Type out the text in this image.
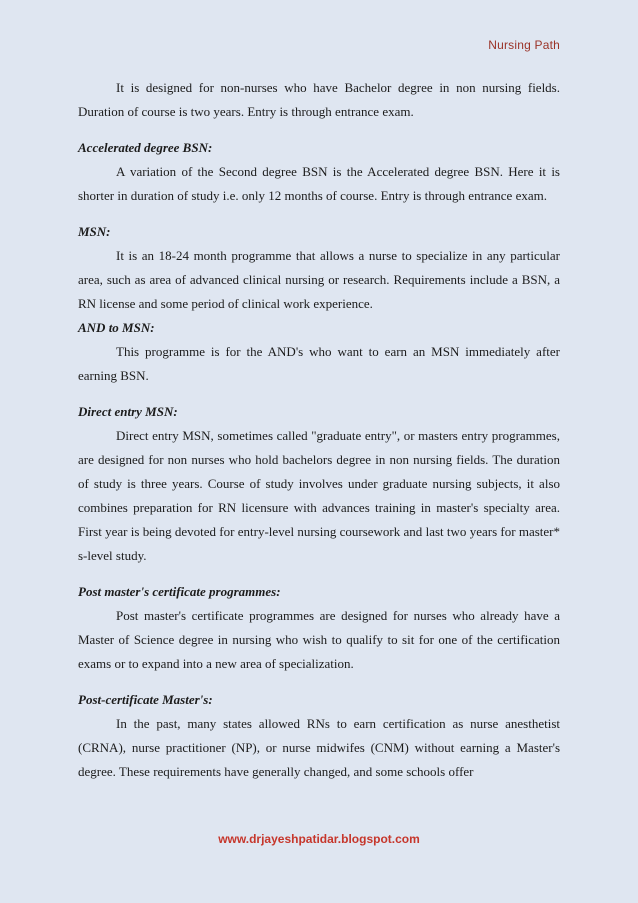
Nursing Path

It is designed for non-nurses who have Bachelor degree in non nursing fields. Duration of course is two years. Entry is through entrance exam.

Accelerated degree BSN:

A variation of the Second degree BSN is the Accelerated degree BSN. Here it is shorter in duration of study i.e. only 12 months of course. Entry is through entrance exam.

MSN:

It is an 18-24 month programme that allows a nurse to specialize in any particular area, such as area of advanced clinical nursing or research. Requirements include a BSN, a RN license and some period of clinical work experience.

AND to MSN:

This programme is for the AND's who want to earn an MSN immediately after earning BSN.

Direct entry MSN:

Direct entry MSN, sometimes called "graduate entry", or masters entry programmes, are designed for non nurses who hold bachelors degree in non nursing fields. The duration of study is three years. Course of study involves under graduate nursing subjects, it also combines preparation for RN licensure with advances training in master's specialty area. First year is being devoted for entry-level nursing coursework and last two years for master* s-level study.

Post master's certificate programmes:

Post master's certificate programmes are designed for nurses who already have a Master of Science degree in nursing who wish to qualify to sit for one of the certification exams or to expand into a new area of specialization.

Post-certificate Master's:

In the past, many states allowed RNs to earn certification as nurse anesthetist (CRNA), nurse practitioner (NP), or nurse midwifes (CNM) without earning a Master's degree. These requirements have generally changed, and some schools offer

www.drjayeshpatidar.blogspot.com
